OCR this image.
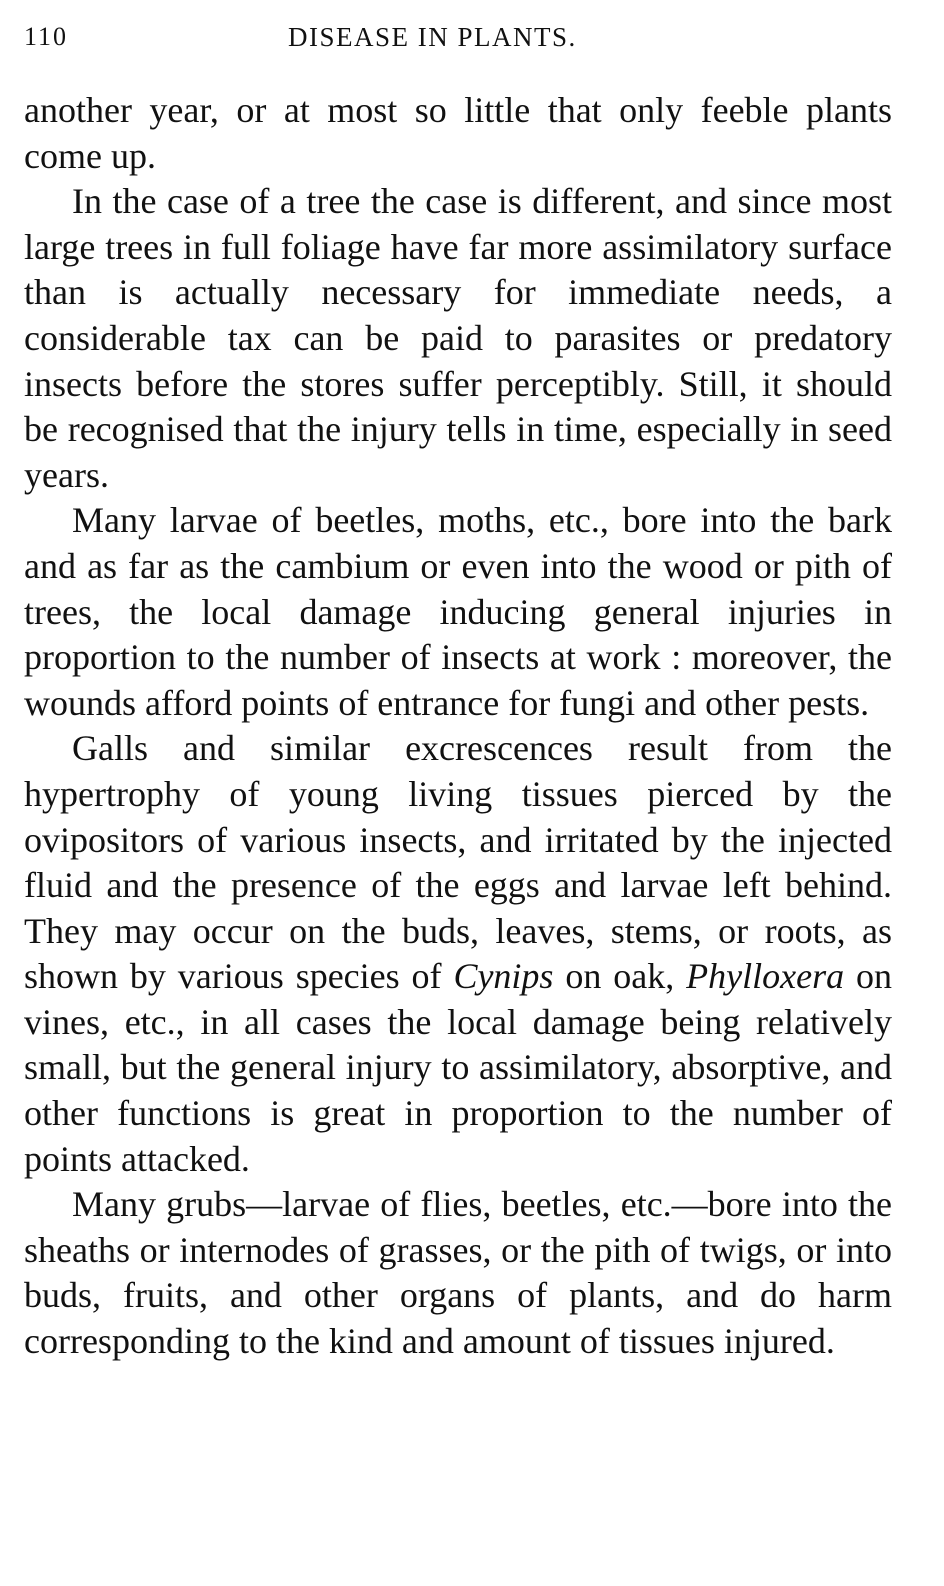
110	DISEASE IN PLANTS.

another year, or at most so little that only feeble plants come up.

In the case of a tree the case is different, and since most large trees in full foliage have far more assimilatory surface than is actually necessary for immediate needs, a considerable tax can be paid to parasites or predatory insects before the stores suffer perceptibly. Still, it should be recognised that the injury tells in time, especially in seed years.

Many larvae of beetles, moths, etc., bore into the bark and as far as the cambium or even into the wood or pith of trees, the local damage inducing general injuries in proportion to the number of insects at work : moreover, the wounds afford points of entrance for fungi and other pests.

Galls and similar excrescences result from the hypertrophy of young living tissues pierced by the ovipositors of various insects, and irritated by the injected fluid and the presence of the eggs and larvae left behind. They may occur on the buds, leaves, stems, or roots, as shown by various species of Cynips on oak, Phylloxera on vines, etc., in all cases the local damage being relatively small, but the general injury to assimilatory, absorptive, and other functions is great in proportion to the number of points attacked.

Many grubs—larvae of flies, beetles, etc.—bore into the sheaths or internodes of grasses, or the pith of twigs, or into buds, fruits, and other organs of plants, and do harm corresponding to the kind and amount of tissues injured.
